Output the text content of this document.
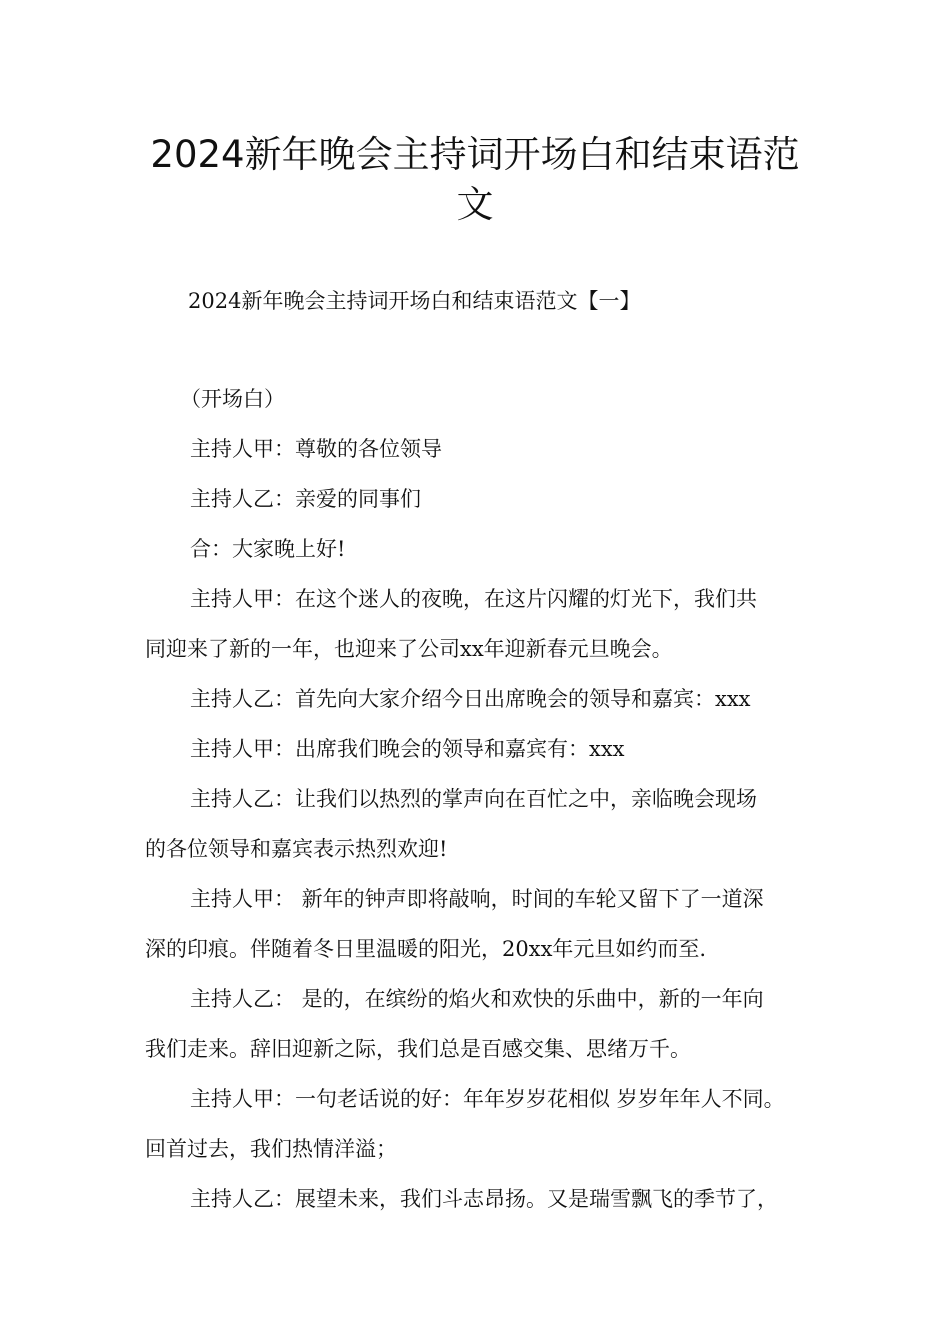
2024新年晚会主持词开场白和结束语范
文

2024新年晚会主持词开场白和结束语范文【一】

（开场白）

主持人甲：尊敬的各位领导

主持人乙：亲爱的同事们

合：大家晚上好!

主持人甲：在这个迷人的夜晚，在这片闪耀的灯光下，我们共

同迎来了新的一年，也迎来了公司xx年迎新春元旦晚会。

主持人乙：首先向大家介绍今日出席晚会的领导和嘉宾：xxx

主持人甲：出席我们晚会的领导和嘉宾有：xxx

主持人乙：让我们以热烈的掌声向在百忙之中，亲临晚会现场

的各位领导和嘉宾表示热烈欢迎!

主持人甲： 新年的钟声即将敲响，时间的车轮又留下了一道深

深的印痕。伴随着冬日里温暖的阳光，20xx年元旦如约而至.

主持人乙： 是的，在缤纷的焰火和欢快的乐曲中，新的一年向

我们走来。辞旧迎新之际，我们总是百感交集、思绪万千。

主持人甲：一句老话说的好：年年岁岁花相似 岁岁年年人不同。

回首过去，我们热情洋溢；

主持人乙：展望未来，我们斗志昂扬。又是瑞雪飘飞的季节了，
